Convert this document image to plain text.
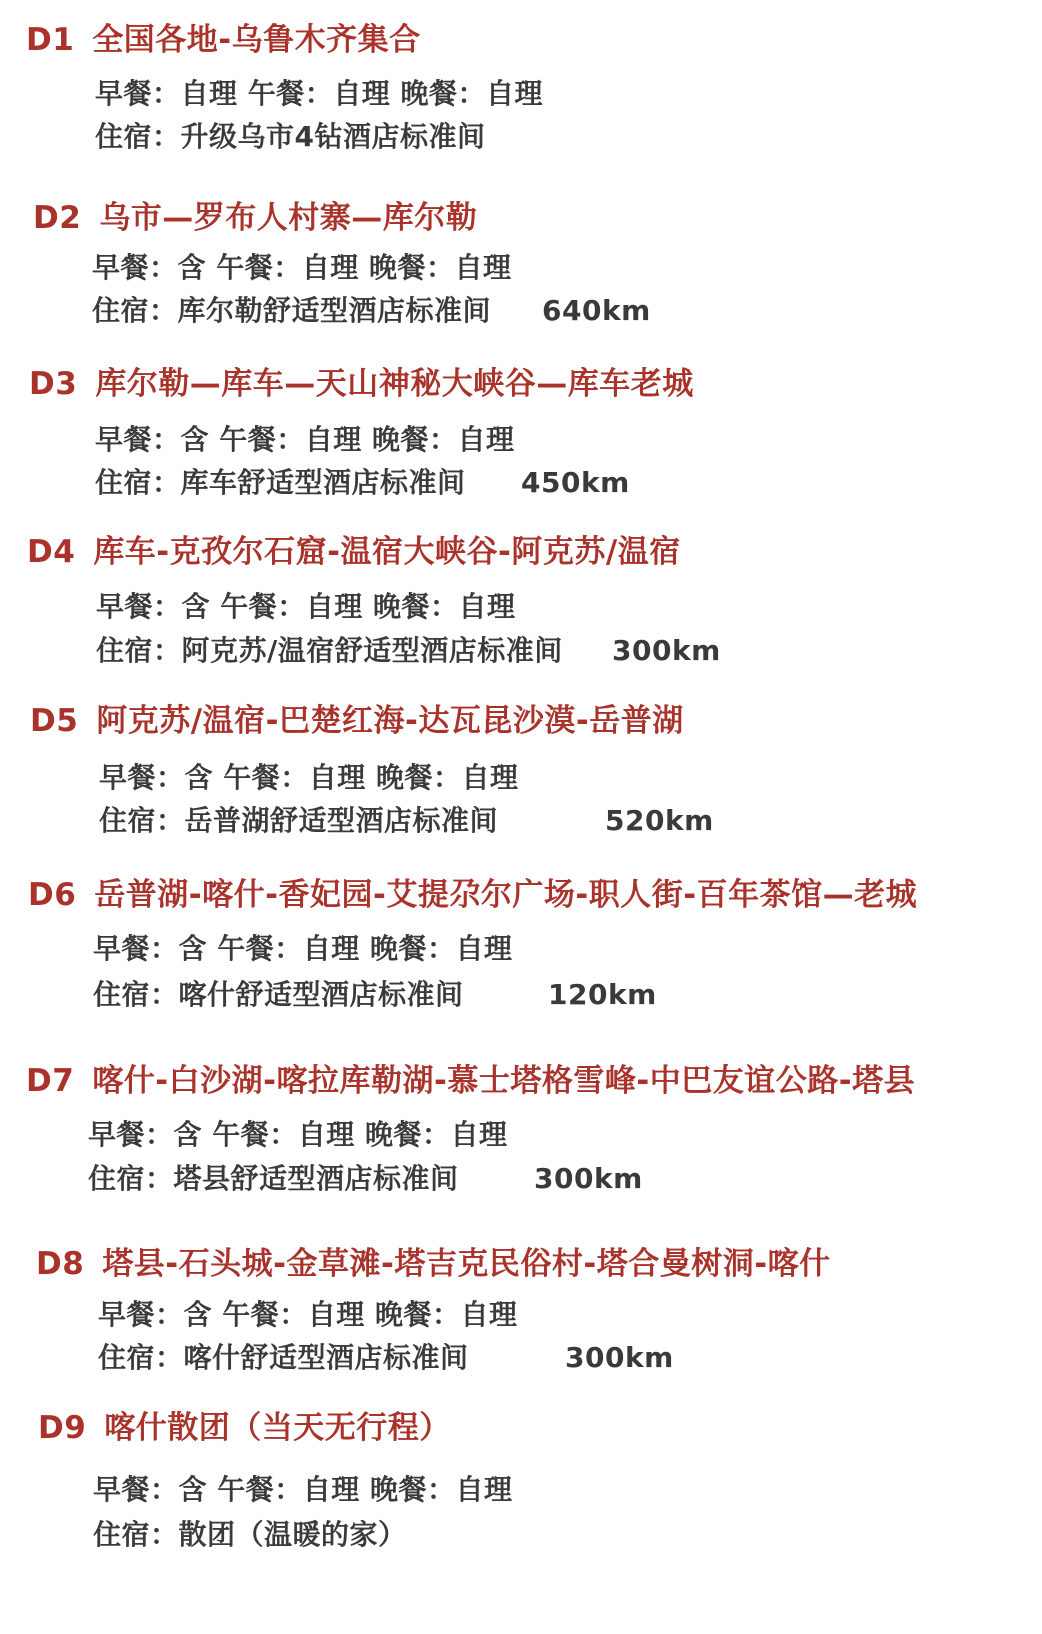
D1 全国各地-乌鲁木齐集合
早餐：自理 午餐：自理 晚餐：自理
住宿：升级乌市4钻酒店标准间
D2 乌市—罗布人村寨—库尔勒
早餐：含 午餐：自理 晚餐：自理
住宿：库尔勒舒适型酒店标准间 640km
D3 库尔勒—库车—天山神秘大峡谷—库车老城
早餐：含 午餐：自理 晚餐：自理
住宿：库车舒适型酒店标准间 450km
D4 库车-克孜尔石窟-温宿大峡谷-阿克苏/温宿
早餐：含 午餐：自理 晚餐：自理
住宿：阿克苏/温宿舒适型酒店标准间 300km
D5 阿克苏/温宿-巴楚红海-达瓦昆沙漠-岳普湖
早餐：含 午餐：自理 晚餐：自理
住宿：岳普湖舒适型酒店标准间	520km
D6 岳普湖-喀什-香妃园-艾提尕尔广场-职人街-百年茶馆—老城
早餐：含 午餐：自理 晚餐：自理
住宿：喀什舒适型酒店标准间	120km
D7 喀什-白沙湖-喀拉库勒湖-慕士塔格雪峰-中巴友谊公路-塔县
早餐：含 午餐：自理 晚餐：自理
住宿：塔县舒适型酒店标准间	300km
D8 塔县-石头城-金草滩-塔吉克民俗村-塔合曼树洞-喀什
早餐：含 午餐：自理 晚餐：自理
住宿：喀什舒适型酒店标准间	300km
D9 喀什散团（当天无行程）
早餐：含 午餐：自理 晚餐：自理
住宿：散团（温暖的家）
